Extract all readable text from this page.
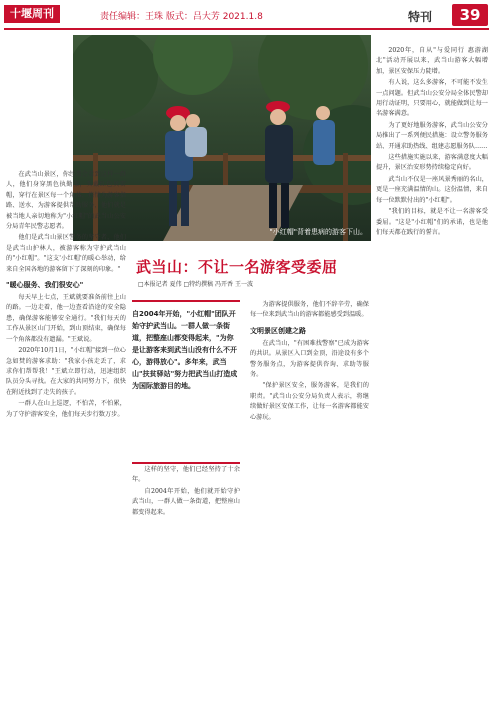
十堰周刊	责任编辑：王珠 版式：吕大芳 2021.1.8	特刊	39
"小红帽"背着患病的游客下山。

在武当山景区，你经常会看到这样一群人，他们身穿黑色执勤服，头戴红色贝雷帽，穿行在景区每一个角落，热情为游客指路、送水、为游客提供帮助服务，他们就是被当地人亲切地称为"小红帽"的武当山公安分局青年民警志愿者。

他们是武当山景区警务的坚守者，他们是武当山护林人，被游客称为守护武当山的"小红帽"。"这支'小红帽'的暖心举动，给来自全国各地的游客留下了深刻的印象。"

"暖心服务、我们很安心"

每天早上七点，王斌就要准备前往上山的路。一边走着，他一边查看沿途的安全隐患，确保游客能够安全通行。"我们每天的工作从景区山门开始，到山顶结束，确保每一个角落都没有遗漏。"王斌说。

2020年10月1日，"小红帽"接到一位心急如焚的游客求助："我家小孩走丢了，求求你们帮帮我！"王斌立即行动，迅速组织队员分头寻找。在大家的共同努力下，很快在附近找到了走失的孩子。

一群人在山上巡逻，不怕苦，不怕累，为了守护游客安全，他们每天步行数万步。

武当山：不让一名游客受委屈
□本报记者 夏伟 □特约撰稿 冯开香 王一波
自2004年开始，"小红帽"团队开始守护武当山。一群人做一条街道，把整座山都变得起来，"为你是让游客来到武当山没有什么不开心，游得放心"。多年来，武当山"扶贫驿站"努力把武当山打造成为国际旅游目的地。

这样的坚守，他们已经坚持了十余年。

自2004年开始，他们就开始守护武当山，一群人做一条街道，把整座山都变得起来。

为游客提供服务，他们不辞辛劳，确保每一位来到武当山的游客都能感受到温暖。

文明景区创建之路

在武当山，"有困难找警察"已成为游客的共识。从景区入口到金顶，沿途设有多个警务服务点，为游客提供咨询、求助等服务。

"保护景区安全，服务游客，是我们的职责。"武当山公安分局负责人表示，将继续做好景区安保工作，让每一名游客都能安心游玩。

2020年，自从"与爱同行 惠游湖北"活动开展以来，武当山游客大幅增加，景区安保压力陡增。

有人说，这么多游客，不可能不发生一点问题。但武当山公安分局全体民警却用行动证明，只要用心，就能做到让每一名游客满意。

为了更好地服务游客，武当山公安分局推出了一系列便民措施：设立警务服务站、开通求助热线、组建志愿服务队……

这些措施实施以来，游客满意度大幅提升，景区治安形势持续稳定向好。

武当山不仅是一座风景秀丽的名山，更是一座充满温情的山。这份温情，来自每一位默默付出的"小红帽"。

"我们的目标，就是不让一名游客受委屈。"这是"小红帽"们的承诺，也是他们每天都在践行的誓言。
